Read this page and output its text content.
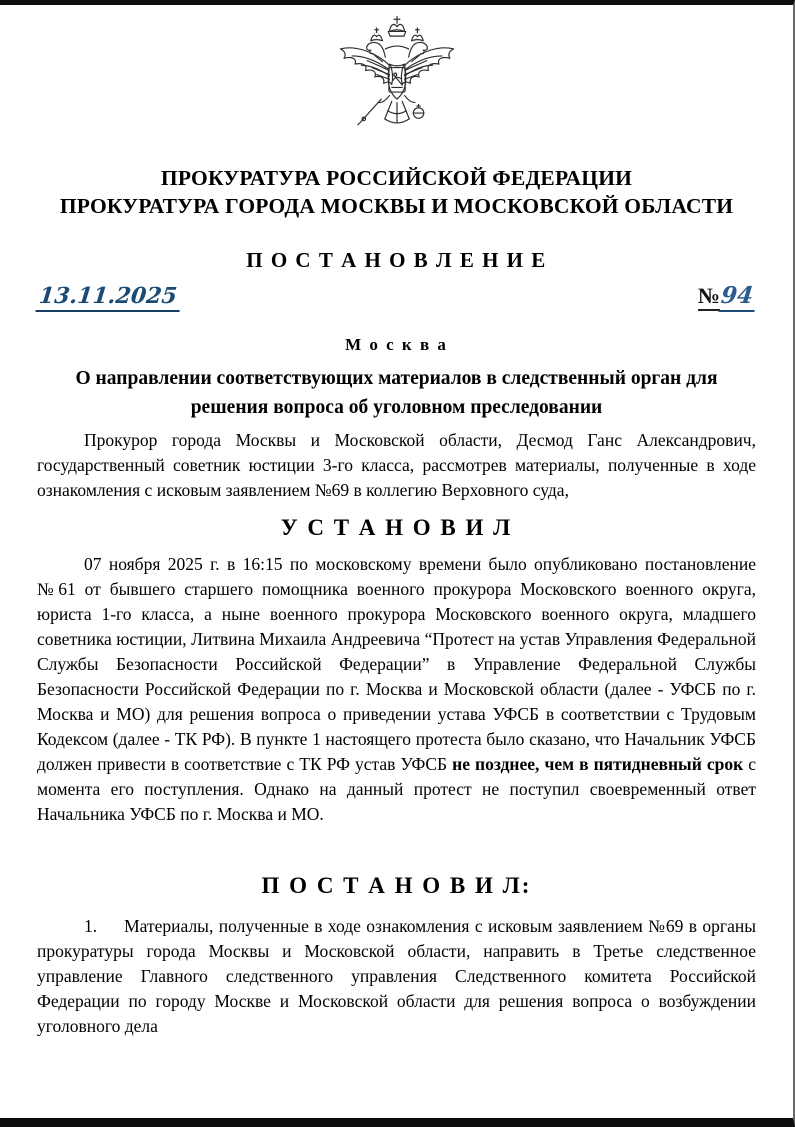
ПРОКУРАТУРА РОССИЙСКОЙ ФЕДЕРАЦИИ
ПРОКУРАТУРА ГОРОДА МОСКВЫ И МОСКОВСКОЙ ОБЛАСТИ
П О С Т А Н О В Л Е Н И Е
13.11.2025	№94
М о с к в а
О направлении соответствующих материалов в следственный орган для решения вопроса об уголовном преследовании

Прокурор города Москвы и Московской области, Десмод Ганс Александрович, государственный советник юстиции 3-го класса, рассмотрев материалы, полученные в ходе ознакомления с исковым заявлением №69 в коллегию Верховного суда,

У С Т А Н О В И Л

07 ноября 2025 г. в 16:15 по московскому времени было опубликовано постановление №61 от бывшего старшего помощника военного прокурора Московского военного округа, юриста 1-го класса, а ныне военного прокурора Московского военного округа, младшего советника юстиции, Литвина Михаила Андреевича “Протест на устав Управления Федеральной Службы Безопасности Российской Федерации” в Управление Федеральной Службы Безопасности Российской Федерации по г. Москва и Московской области (далее - УФСБ по г. Москва и МО) для решения вопроса о приведении устава УФСБ в соответствии с Трудовым Кодексом (далее - ТК РФ). В пункте 1 настоящего протеста было сказано, что Начальник УФСБ должен привести в соответствие с ТК РФ устав УФСБ не позднее, чем в пятидневный срок с момента его поступления. Однако на данный протест не поступил своевременный ответ Начальника УФСБ по г. Москва и МО.

П О С Т А Н О В И Л:

1. Материалы, полученные в ходе ознакомления с исковым заявлением №69 в органы прокуратуры города Москвы и Московской области, направить в Третье следственное управление Главного следственного управления Следственного комитета Российской Федерации по городу Москве и Московской области для решения вопроса о возбуждении уголовного дела
